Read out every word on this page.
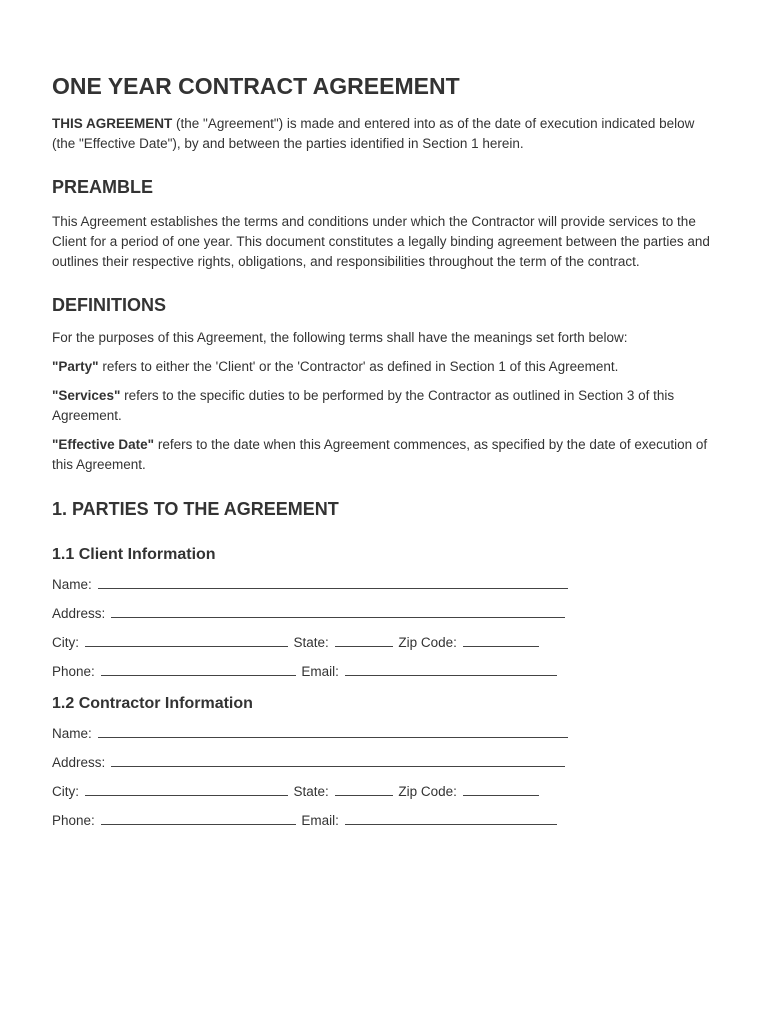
ONE YEAR CONTRACT AGREEMENT

THIS AGREEMENT (the "Agreement") is made and entered into as of the date of execution indicated below (the "Effective Date"), by and between the parties identified in Section 1 herein.

PREAMBLE

This Agreement establishes the terms and conditions under which the Contractor will provide services to the Client for a period of one year. This document constitutes a legally binding agreement between the parties and outlines their respective rights, obligations, and responsibilities throughout the term of the contract.

DEFINITIONS

For the purposes of this Agreement, the following terms shall have the meanings set forth below:

"Party" refers to either the 'Client' or the 'Contractor' as defined in Section 1 of this Agreement.

"Services" refers to the specific duties to be performed by the Contractor as outlined in Section 3 of this Agreement.

"Effective Date" refers to the date when this Agreement commences, as specified by the date of execution of this Agreement.

1. PARTIES TO THE AGREEMENT
1.1 Client Information
Name:
Address:
City:	State:	Zip Code:
Phone:	Email:
1.2 Contractor Information
Name:
Address:
City:	State:	Zip Code:
Phone:	Email:
